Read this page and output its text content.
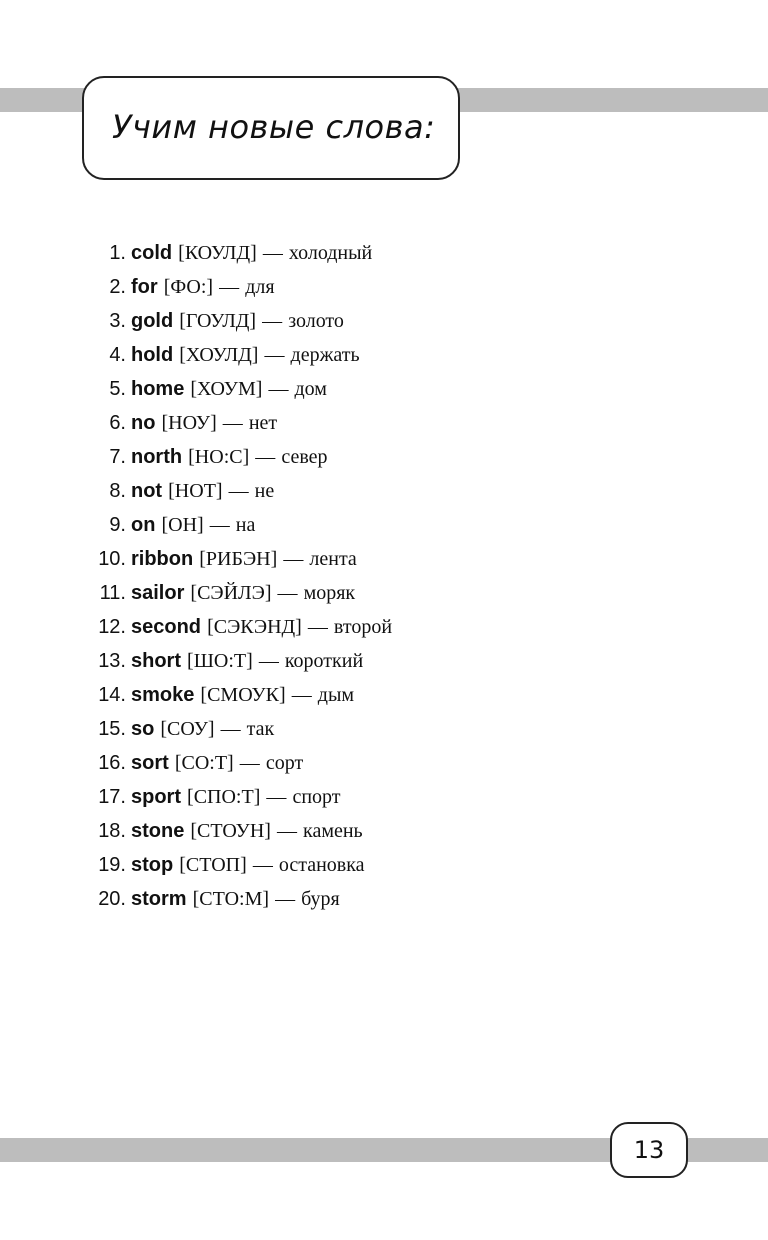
Учим новые слова:
1. cold [КОУЛД] — холодный
2. for [ФО:] — для
3. gold [ГОУЛД] — золото
4. hold [ХОУЛД] — держать
5. home [ХОУМ] — дом
6. no [НОУ] — нет
7. north [НО:С] — север
8. not [НОТ] — не
9. on [ОН] — на
10. ribbon [РИБЭН] — лента
11. sailor [СЭЙЛЭ] — моряк
12. second [СЭКЭНД] — второй
13. short [ШО:Т] — короткий
14. smoke [СМОУК] — дым
15. so [СОУ] — так
16. sort [СО:Т] — сорт
17. sport [СПО:Т] — спорт
18. stone [СТОУН] — камень
19. stop [СТОП] — остановка
20. storm [СТО:М] — буря
13
